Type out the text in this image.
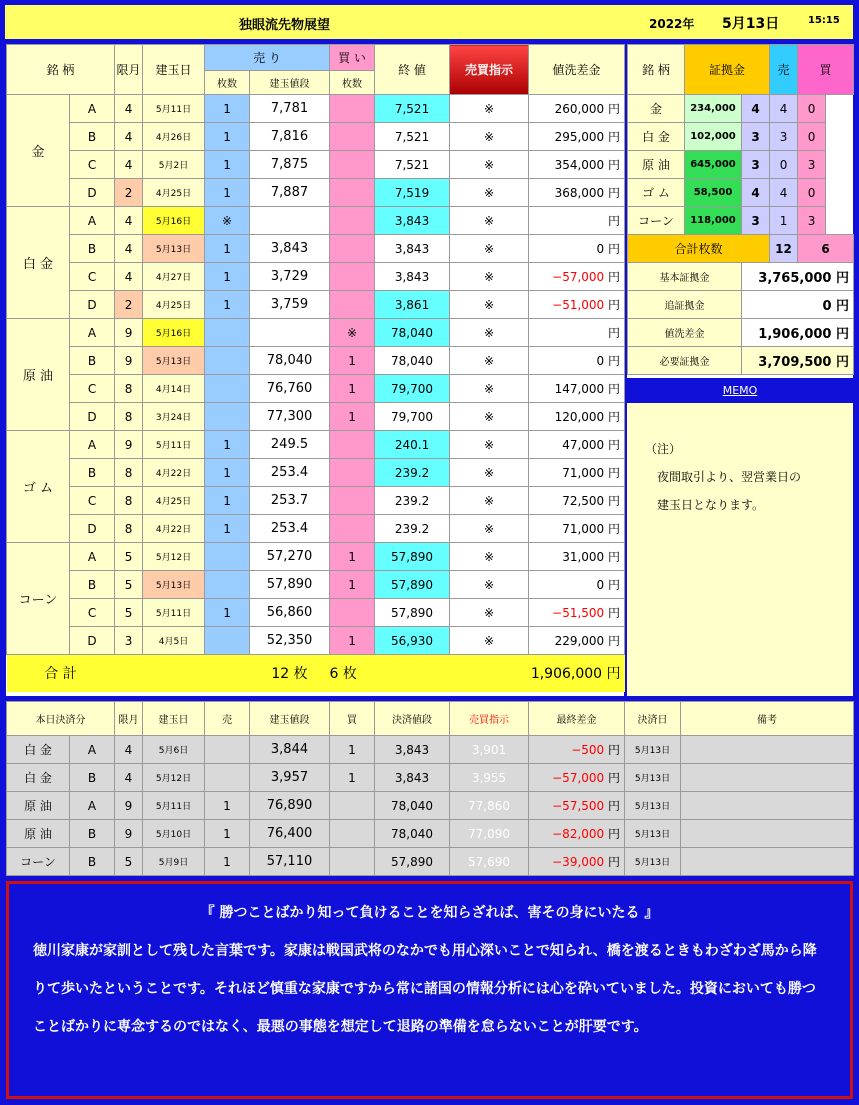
独眼流先物展望	2022年 5月13日	15:15
銘 柄		限月	建玉日	売 り		買 い	終 値	売買指示	値洗差金
				枚数	建玉値段	枚数			
金	A	4	5月11日	1	7,781		7,521	※	260,000 円
	B	4	4月26日	1	7,816		7,521	※	295,000 円
	C	4	5月2日	1	7,875		7,521	※	354,000 円
	D	2	4月25日	1	7,887		7,519	※	368,000 円
白 金	A	4	5月16日	※			3,843	※	円
	B	4	5月13日	1	3,843		3,843	※	0 円
	C	4	4月27日	1	3,729		3,843	※	−57,000 円
	D	2	4月25日	1	3,759		3,861	※	−51,000 円
原 油	A	9	5月16日			※	78,040	※	円
	B	9	5月13日		78,040	1	78,040	※	0 円
	C	8	4月14日		76,760	1	79,700	※	147,000 円
	D	8	3月24日		77,300	1	79,700	※	120,000 円
ゴ ム	A	9	5月11日	1	249.5		240.1	※	47,000 円
	B	8	4月22日	1	253.4		239.2	※	71,000 円
	C	8	4月25日	1	253.7		239.2	※	72,500 円
	D	8	4月22日	1	253.4		239.2	※	71,000 円
コーン	A	5	5月12日		57,270	1	57,890	※	31,000 円
	B	5	5月13日		57,890	1	57,890	※	0 円
	C	5	5月11日	1	56,860		57,890	※	−51,500 円
	D	3	4月5日		52,350	1	56,930	※	229,000 円
合 計					12 枚	6 枚			1,906,000 円
銘 柄	証拠金		売	買
金	234,000	4	4	0
白 金	102,000	3	3	0
原 油	645,000	3	0	3
ゴ ム	58,500	4	4	0
コーン	118,000	3	1	3
合計枚数			12	6
基本証拠金		3,765,000 円		
追証拠金		0 円		
値洗差金		1,906,000 円		
必要証拠金		3,709,500 円		
MEMO
（注）
　夜間取引より、翌営業日の
　建玉日となります。
本日決済分		限月	建玉日	売	建玉値段	買	決済値段	売買指示	最終差金	決済日	備考
白 金	A	4	5月6日		3,844	1	3,843	3,901	−500 円	5月13日	
白 金	B	4	5月12日		3,957	1	3,843	3,955	−57,000 円	5月13日	
原 油	A	9	5月11日	1	76,890		78,040	77,860	−57,500 円	5月13日	
原 油	B	9	5月10日	1	76,400		78,040	77,090	−82,000 円	5月13日	
コーン	B	5	5月9日	1	57,110		57,890	57,690	−39,000 円	5月13日	
『 勝つことばかり知って負けることを知らざれば、害その身にいたる 』
徳川家康が家訓として残した言葉です。家康は戦国武将のなかでも用心深いことで知られ、橋を渡るときもわざわざ馬から降りて歩いたということです。それほど慎重な家康ですから常に諸国の情報分析には心を砕いていました。投資においても勝つことばかりに専念するのではなく、最悪の事態を想定して退路の準備を怠らないことが肝要です。
